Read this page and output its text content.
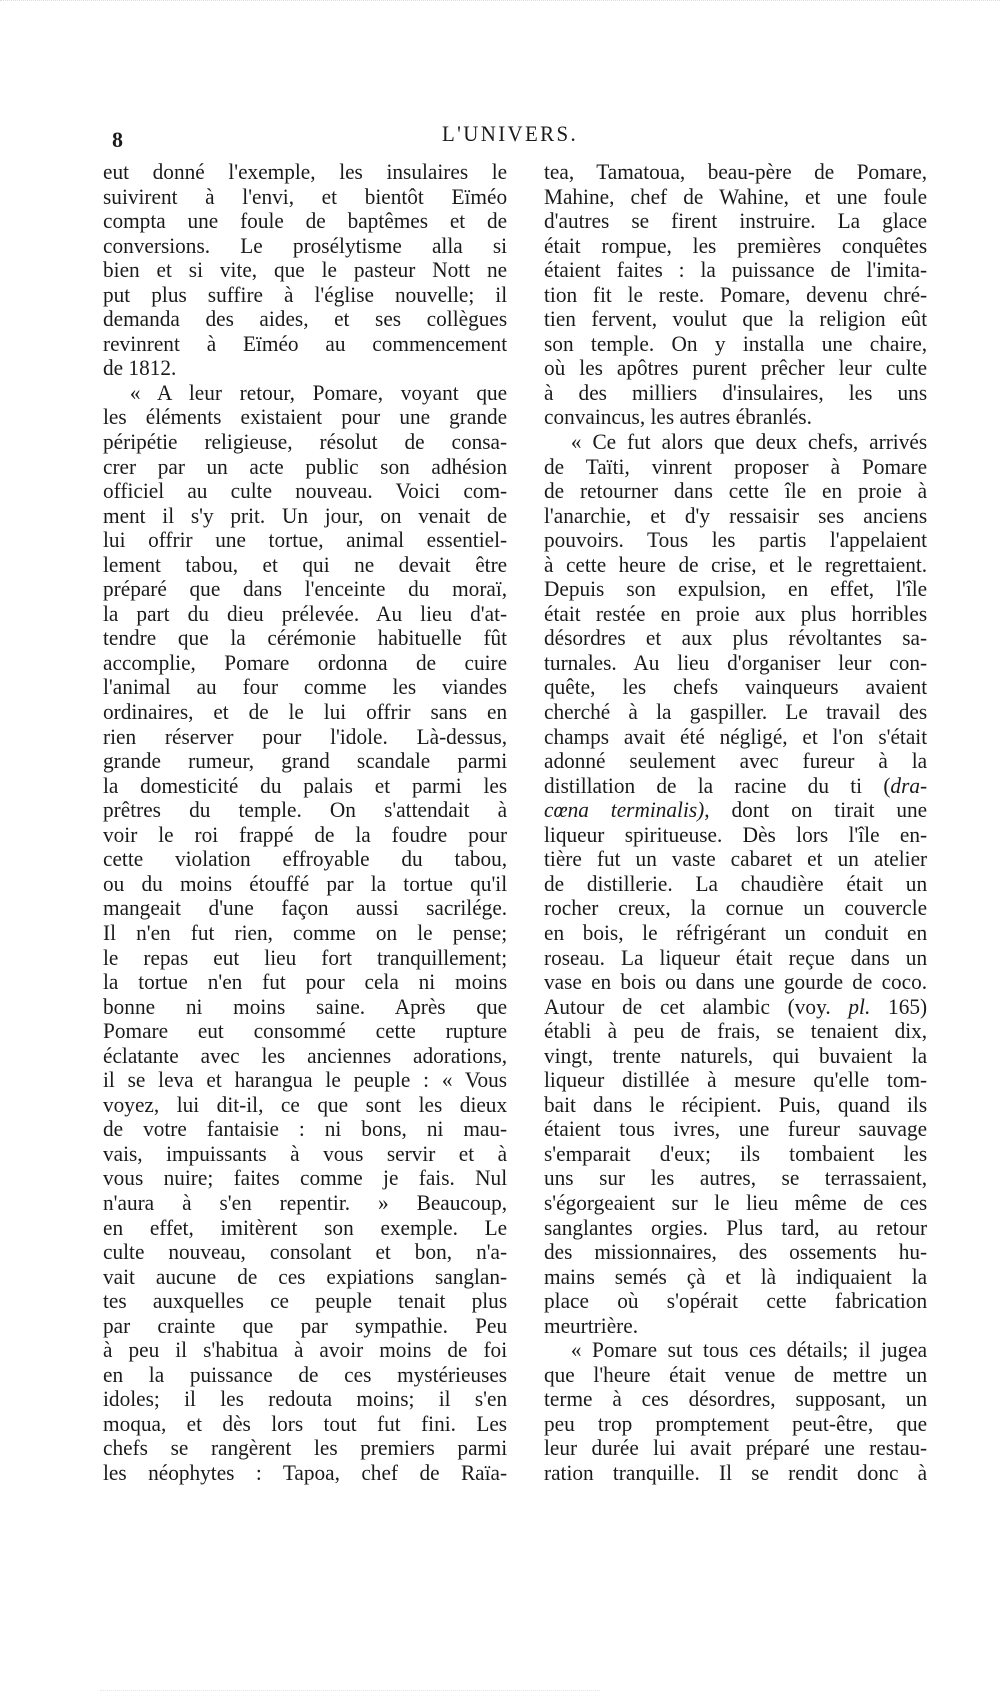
8	L'UNIVERS.
eut donné l'exemple, les insulaires le
suivirent à l'envi, et bientôt Eïméo
compta une foule de baptêmes et de
conversions. Le prosélytisme alla si
bien et si vite, que le pasteur Nott ne
put plus suffire à l'église nouvelle; il
demanda des aides, et ses collègues
revinrent à Eïméo au commencement
de 1812.
« A leur retour, Pomare, voyant que
les éléments existaient pour une grande
péripétie religieuse, résolut de consa-
crer par un acte public son adhésion
officiel au culte nouveau. Voici com-
ment il s'y prit. Un jour, on venait de
lui offrir une tortue, animal essentiel-
lement tabou, et qui ne devait être
préparé que dans l'enceinte du moraï,
la part du dieu prélevée. Au lieu d'at-
tendre que la cérémonie habituelle fût
accomplie, Pomare ordonna de cuire
l'animal au four comme les viandes
ordinaires, et de le lui offrir sans en
rien réserver pour l'idole. Là-dessus,
grande rumeur, grand scandale parmi
la domesticité du palais et parmi les
prêtres du temple. On s'attendait à
voir le roi frappé de la foudre pour
cette violation effroyable du tabou,
ou du moins étouffé par la tortue qu'il
mangeait d'une façon aussi sacrilége.
Il n'en fut rien, comme on le pense;
le repas eut lieu fort tranquillement;
la tortue n'en fut pour cela ni moins
bonne ni moins saine. Après que
Pomare eut consommé cette rupture
éclatante avec les anciennes adorations,
il se leva et harangua le peuple : « Vous
voyez, lui dit-il, ce que sont les dieux
de votre fantaisie : ni bons, ni mau-
vais, impuissants à vous servir et à
vous nuire; faites comme je fais. Nul
n'aura à s'en repentir. » Beaucoup,
en effet, imitèrent son exemple. Le
culte nouveau, consolant et bon, n'a-
vait aucune de ces expiations sanglan-
tes auxquelles ce peuple tenait plus
par crainte que par sympathie. Peu
à peu il s'habitua à avoir moins de foi
en la puissance de ces mystérieuses
idoles; il les redouta moins; il s'en
moqua, et dès lors tout fut fini. Les
chefs se rangèrent les premiers parmi
les néophytes : Tapoa, chef de Raïa-
tea, Tamatoua, beau-père de Pomare,
Mahine, chef de Wahine, et une foule
d'autres se firent instruire. La glace
était rompue, les premières conquêtes
étaient faites : la puissance de l'imita-
tion fit le reste. Pomare, devenu chré-
tien fervent, voulut que la religion eût
son temple. On y installa une chaire,
où les apôtres purent prêcher leur culte
à des milliers d'insulaires, les uns
convaincus, les autres ébranlés.
« Ce fut alors que deux chefs, arrivés
de Taïti, vinrent proposer à Pomare
de retourner dans cette île en proie à
l'anarchie, et d'y ressaisir ses anciens
pouvoirs. Tous les partis l'appelaient
à cette heure de crise, et le regrettaient.
Depuis son expulsion, en effet, l'île
était restée en proie aux plus horribles
désordres et aux plus révoltantes sa-
turnales. Au lieu d'organiser leur con-
quête, les chefs vainqueurs avaient
cherché à la gaspiller. Le travail des
champs avait été négligé, et l'on s'était
adonné seulement avec fureur à la
distillation de la racine du ti (dra-
cœna terminalis), dont on tirait une
liqueur spiritueuse. Dès lors l'île en-
tière fut un vaste cabaret et un atelier
de distillerie. La chaudière était un
rocher creux, la cornue un couvercle
en bois, le réfrigérant un conduit en
roseau. La liqueur était reçue dans un
vase en bois ou dans une gourde de coco.
Autour de cet alambic (voy. pl. 165)
établi à peu de frais, se tenaient dix,
vingt, trente naturels, qui buvaient la
liqueur distillée à mesure qu'elle tom-
bait dans le récipient. Puis, quand ils
étaient tous ivres, une fureur sauvage
s'emparait d'eux; ils tombaient les
uns sur les autres, se terrassaient,
s'égorgeaient sur le lieu même de ces
sanglantes orgies. Plus tard, au retour
des missionnaires, des ossements hu-
mains semés çà et là indiquaient la
place où s'opérait cette fabrication
meurtrière.
« Pomare sut tous ces détails; il jugea
que l'heure était venue de mettre un
terme à ces désordres, supposant, un
peu trop promptement peut-être, que
leur durée lui avait préparé une restau-
ration tranquille. Il se rendit donc à
